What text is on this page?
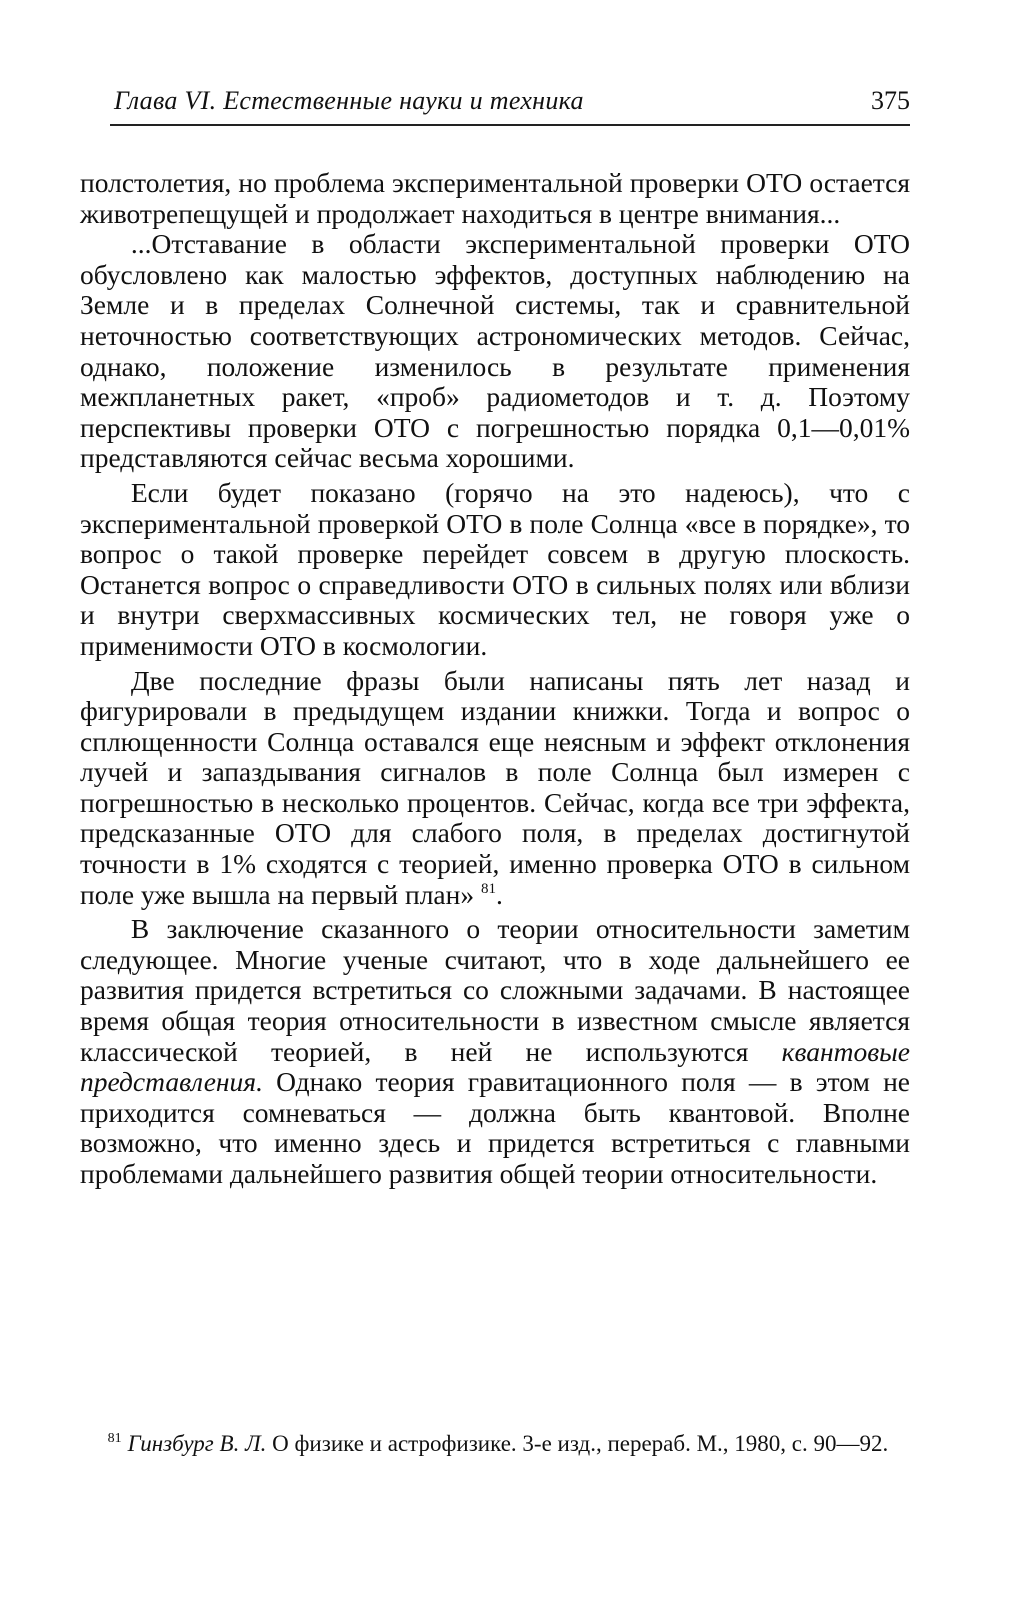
Глава VI. Естественные науки и техника	375

полстолетия, но проблема экспериментальной проверки ОТО остается животрепещущей и продолжает находиться в центре внимания...

...Отставание в области экспериментальной проверки ОТО обусловлено как малостью эффектов, доступных наблюдению на Земле и в пределах Солнечной системы, так и сравнительной неточностью соответствующих астрономических методов. Сейчас, однако, положение изменилось в результате применения межпланетных ракет, «проб» радиометодов и т. д. Поэтому перспективы проверки ОТО с погрешностью порядка 0,1—0,01% представляются сейчас весьма хорошими.

Если будет показано (горячо на это надеюсь), что с экспериментальной проверкой ОТО в поле Солнца «все в порядке», то вопрос о такой проверке перейдет совсем в другую плоскость. Останется вопрос о справедливости ОТО в сильных полях или вблизи и внутри сверхмассивных космических тел, не говоря уже о применимости ОТО в космологии.

Две последние фразы были написаны пять лет назад и фигурировали в предыдущем издании книжки. Тогда и вопрос о сплющенности Солнца оставался еще неясным и эффект отклонения лучей и запаздывания сигналов в поле Солнца был измерен с погрешностью в несколько процентов. Сейчас, когда все три эффекта, предсказанные ОТО для слабого поля, в пределах достигнутой точности в 1% сходятся с теорией, именно проверка ОТО в сильном поле уже вышла на первый план» $^{81}$.

В заключение сказанного о теории относительности заметим следующее. Многие ученые считают, что в ходе дальнейшего ее развития придется встретиться со сложными задачами. В настоящее время общая теория относительности в известном смысле является классической теорией, в ней не используются квантовые представления. Однако теория гравитационного поля — в этом не приходится сомневаться — должна быть квантовой. Вполне возможно, что именно здесь и придется встретиться с главными проблемами дальнейшего развития общей теории относительности.

$^{81}$ Гинзбург В. Л. О физике и астрофизике. 3-е изд., перераб. М., 1980, с. 90—92.
